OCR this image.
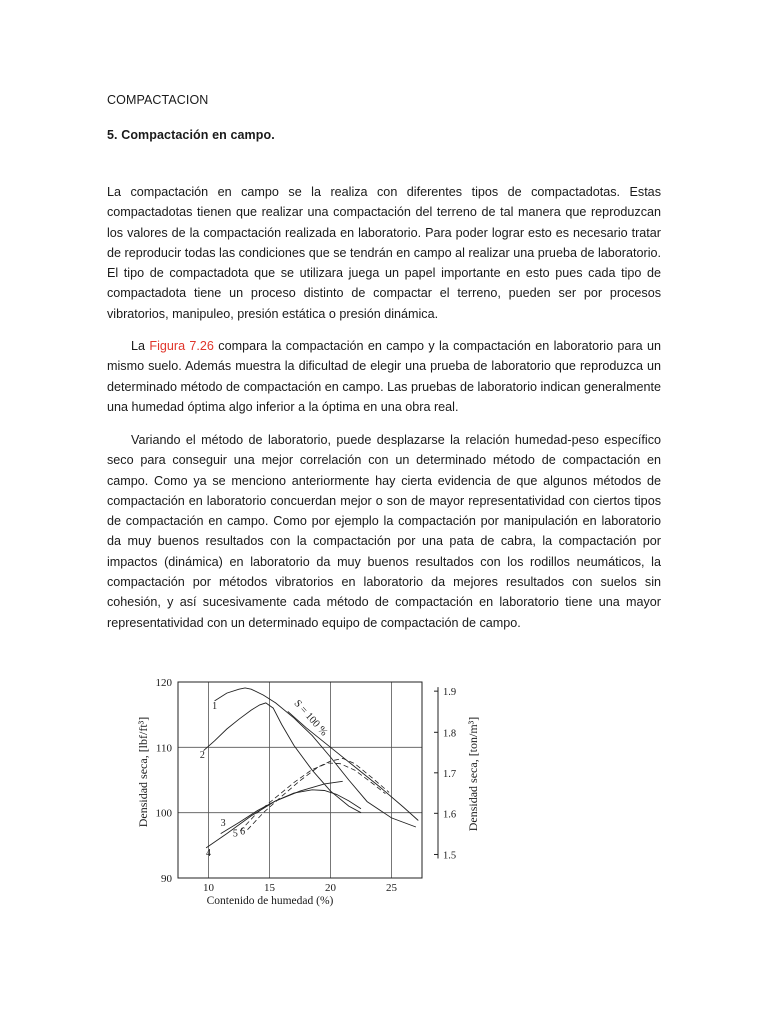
COMPACTACION
5. Compactación en campo.

La compactación en campo se la realiza con diferentes tipos de compactadotas. Estas compactadotas tienen que realizar una compactación del terreno de tal manera que reproduzcan los valores de la compactación realizada en laboratorio. Para poder lograr esto es necesario tratar de reproducir todas las condiciones que se tendrán en campo al realizar una prueba de laboratorio. El tipo de compactadota que se utilizara juega un papel importante en esto pues cada tipo de compactadota tiene un proceso distinto de compactar el terreno, pueden ser por procesos vibratorios, manipuleo, presión estática o presión dinámica.

La Figura 7.26 compara la compactación en campo y la compactación en laboratorio para un mismo suelo. Además muestra la dificultad de elegir una prueba de laboratorio que reproduzca un determinado método de compactación en campo. Las pruebas de laboratorio indican generalmente una humedad óptima algo inferior a la óptima en una obra real.

Variando el método de laboratorio, puede desplazarse la relación humedad-peso específico seco para conseguir una mejor correlación con un determinado método de compactación en campo. Como ya se menciono anteriormente hay cierta evidencia de que algunos métodos de compactación en laboratorio concuerdan mejor o son de mayor representatividad con ciertos tipos de compactación en campo. Como por ejemplo la compactación por manipulación en laboratorio da muy buenos resultados con la compactación por una pata de cabra, la compactación por impactos (dinámica) en laboratorio da muy buenos resultados con los rodillos neumáticos, la compactación por métodos vibratorios en laboratorio da mejores resultados con suelos sin cohesión, y así sucesivamente cada método de compactación en laboratorio tiene una mayor representatividad con un determinado equipo de compactación de campo.

10	15	20	25
90
100
110
120
1.5
1.6
1.7
1.8
1.9
1
2
3
4
5 6
S = 100 %
Contenido de humedad (%)
Densidad seca, [lbf/ft³]	Densidad seca, [ton/m³]
